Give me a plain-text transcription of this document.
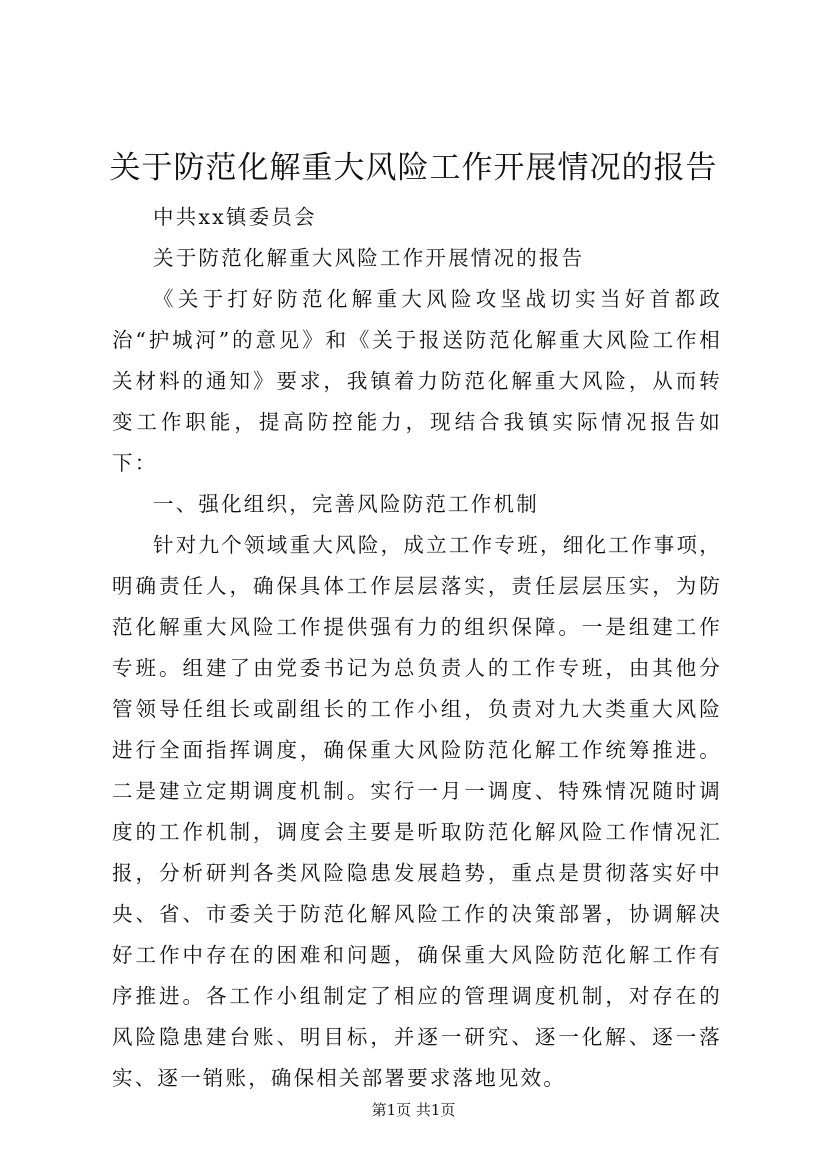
关于防范化解重大风险工作开展情况的报告

中共xx镇委员会

关于防范化解重大风险工作开展情况的报告

《关于打好防范化解重大风险攻坚战切实当好首都政治“护城河”的意见》和《关于报送防范化解重大风险工作相关材料的通知》要求，我镇着力防范化解重大风险，从而转变工作职能，提高防控能力，现结合我镇实际情况报告如下：

一、强化组织，完善风险防范工作机制

针对九个领域重大风险，成立工作专班，细化工作事项，明确责任人，确保具体工作层层落实，责任层层压实，为防范化解重大风险工作提供强有力的组织保障。一是组建工作专班。组建了由党委书记为总负责人的工作专班，由其他分管领导任组长或副组长的工作小组，负责对九大类重大风险进行全面指挥调度，确保重大风险防范化解工作统筹推进。二是建立定期调度机制。实行一月一调度、特殊情况随时调度的工作机制，调度会主要是听取防范化解风险工作情况汇报，分析研判各类风险隐患发展趋势，重点是贯彻落实好中央、省、市委关于防范化解风险工作的决策部署，协调解决好工作中存在的困难和问题，确保重大风险防范化解工作有序推进。各工作小组制定了相应的管理调度机制，对存在的风险隐患建台账、明目标，并逐一研究、逐一化解、逐一落实、逐一销账，确保相关部署要求落地见效。

第1页 共1页
